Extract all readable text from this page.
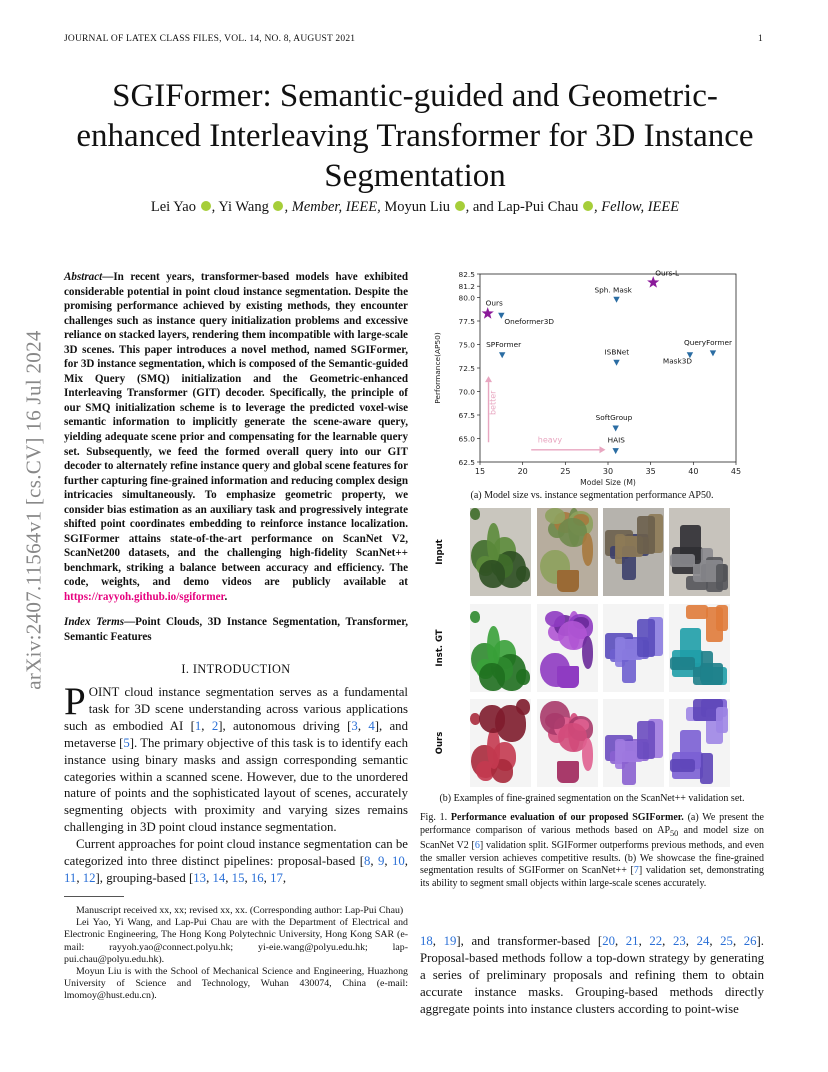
JOURNAL OF LATEX CLASS FILES, VOL. 14, NO. 8, AUGUST 2021	1
arXiv:2407.11564v1 [cs.CV] 16 Jul 2024
SGIFormer: Semantic-guided and Geometric-enhanced Interleaving Transformer for 3D Instance Segmentation
Lei Yao , Yi Wang , Member, IEEE, Moyun Liu , and Lap-Pui Chau , Fellow, IEEE
Abstract—In recent years, transformer-based models have exhibited considerable potential in point cloud instance segmentation. Despite the promising performance achieved by existing methods, they encounter challenges such as instance query initialization problems and excessive reliance on stacked layers, rendering them incompatible with large-scale 3D scenes. This paper introduces a novel method, named SGIFormer, for 3D instance segmentation, which is composed of the Semantic-guided Mix Query (SMQ) initialization and the Geometric-enhanced Interleaving Transformer (GIT) decoder. Specifically, the principle of our SMQ initialization scheme is to leverage the predicted voxel-wise semantic information to implicitly generate the scene-aware query, yielding adequate scene prior and compensating for the learnable query set. Subsequently, we feed the formed overall query into our GIT decoder to alternately refine instance query and global scene features for further capturing fine-grained information and reducing complex design intricacies simultaneously. To emphasize geometric property, we consider bias estimation as an auxiliary task and progressively integrate shifted point coordinates embedding to reinforce instance localization. SGIFormer attains state-of-the-art performance on ScanNet V2, ScanNet200 datasets, and the challenging high-fidelity ScanNet++ benchmark, striking a balance between accuracy and efficiency. The code, weights, and demo videos are publicly available at https://rayyoh.github.io/sgiformer.
Index Terms—Point Clouds, 3D Instance Segmentation, Transformer, Semantic Features
I. INTRODUCTION
POINT cloud instance segmentation serves as a fundamental task for 3D scene understanding across various applications such as embodied AI [1, 2], autonomous driving [3, 4], and metaverse [5]. The primary objective of this task is to identify each instance using binary masks and assign corresponding semantic categories within a scanned scene. However, due to the unordered nature of points and the sophisticated layout of scenes, accurately segmenting objects with proximity and varying sizes remains challenging in 3D point cloud instance segmentation.
Current approaches for point cloud instance segmentation can be categorized into three distinct pipelines: proposal-based [8, 9, 10, 11, 12], grouping-based [13, 14, 15, 16, 17,

Manuscript received xx, xx; revised xx, xx. (Corresponding author: Lap-Pui Chau)

Lei Yao, Yi Wang, and Lap-Pui Chau are with the Department of Electrical and Electronic Engineering, The Hong Kong Polytechnic University, Hong Kong SAR (e-mail: rayyoh.yao@connect.polyu.hk; yi-eie.wang@polyu.edu.hk; lap-pui.chau@polyu.edu.hk).

Moyun Liu is with the School of Mechanical Science and Engineering, Huazhong University of Science and Technology, Wuhan 430074, China (e-mail: lmomoy@hust.edu.cn).

15	20	25	30	35	40	45
62.5
65.0
67.5
70.0
72.5
75.0
77.5
80.0
81.2
82.5
Model Size (M)
Performance(AP50)	better
heavy
Ours
Ours-L
Oneformer3D
Sph. Mask
SPFormer
ISBNet
Mask3D
QueryFormer
SoftGroup
HAIS
(a) Model size vs. instance segmentation performance AP50.
Input
Inst. GT
Ours
(b) Examples of fine-grained segmentation on the ScanNet++ validation set.
Fig. 1. Performance evaluation of our proposed SGIFormer. (a) We present the performance comparison of various methods based on $AP_{50}$ and model size on ScanNet V2 [6] validation split. SGIFormer outperforms previous methods, and even the smaller version achieves competitive results. (b) We showcase the fine-grained segmentation results of SGIFormer on ScanNet++ [7] validation set, demonstrating its ability to segment small objects within large-scale scenes accurately.
18, 19], and transformer-based [20, 21, 22, 23, 24, 25, 26]. Proposal-based methods follow a top-down strategy by generating a series of preliminary proposals and refining them to obtain accurate instance masks. Grouping-based methods directly aggregate points into instance clusters according to point-wise
